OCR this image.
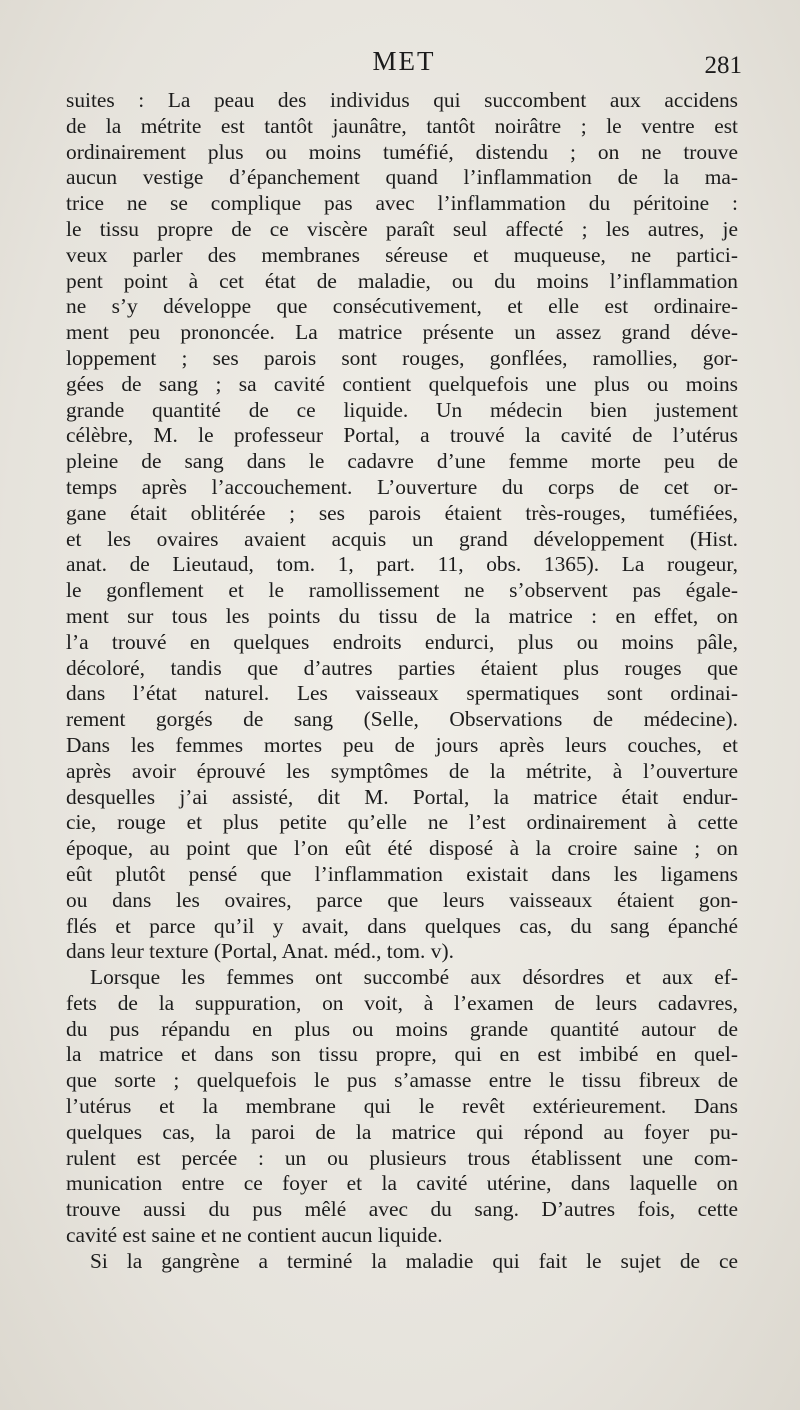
MET	281
suites : La peau des individus qui succombent aux accidens
de la métrite est tantôt jaunâtre, tantôt noirâtre ; le ventre est
ordinairement plus ou moins tuméfié, distendu ; on ne trouve
aucun vestige d’épanchement quand l’inflammation de la ma-
trice ne se complique pas avec l’inflammation du péritoine :
le tissu propre de ce viscère paraît seul affecté ; les autres, je
veux parler des membranes séreuse et muqueuse, ne partici-
pent point à cet état de maladie, ou du moins l’inflammation
ne s’y développe que consécutivement, et elle est ordinaire-
ment peu prononcée. La matrice présente un assez grand déve-
loppement ; ses parois sont rouges, gonflées, ramollies, gor-
gées de sang ; sa cavité contient quelquefois une plus ou moins
grande quantité de ce liquide. Un médecin bien justement
célèbre, M. le professeur Portal, a trouvé la cavité de l’utérus
pleine de sang dans le cadavre d’une femme morte peu de
temps après l’accouchement. L’ouverture du corps de cet or-
gane était oblitérée ; ses parois étaient très-rouges, tuméfiées,
et les ovaires avaient acquis un grand développement (Hist.
anat. de Lieutaud, tom. 1, part. 11, obs. 1365). La rougeur,
le gonflement et le ramollissement ne s’observent pas égale-
ment sur tous les points du tissu de la matrice : en effet, on
l’a trouvé en quelques endroits endurci, plus ou moins pâle,
décoloré, tandis que d’autres parties étaient plus rouges que
dans l’état naturel. Les vaisseaux spermatiques sont ordinai-
rement gorgés de sang (Selle, Observations de médecine).
Dans les femmes mortes peu de jours après leurs couches, et
après avoir éprouvé les symptômes de la métrite, à l’ouverture
desquelles j’ai assisté, dit M. Portal, la matrice était endur-
cie, rouge et plus petite qu’elle ne l’est ordinairement à cette
époque, au point que l’on eût été disposé à la croire saine ; on
eût plutôt pensé que l’inflammation existait dans les ligamens
ou dans les ovaires, parce que leurs vaisseaux étaient gon-
flés et parce qu’il y avait, dans quelques cas, du sang épanché
dans leur texture (Portal, Anat. méd., tom. v).
Lorsque les femmes ont succombé aux désordres et aux ef-
fets de la suppuration, on voit, à l’examen de leurs cadavres,
du pus répandu en plus ou moins grande quantité autour de
la matrice et dans son tissu propre, qui en est imbibé en quel-
que sorte ; quelquefois le pus s’amasse entre le tissu fibreux de
l’utérus et la membrane qui le revêt extérieurement. Dans
quelques cas, la paroi de la matrice qui répond au foyer pu-
rulent est percée : un ou plusieurs trous établissent une com-
munication entre ce foyer et la cavité utérine, dans laquelle on
trouve aussi du pus mêlé avec du sang. D’autres fois, cette
cavité est saine et ne contient aucun liquide.
Si la gangrène a terminé la maladie qui fait le sujet de ce
